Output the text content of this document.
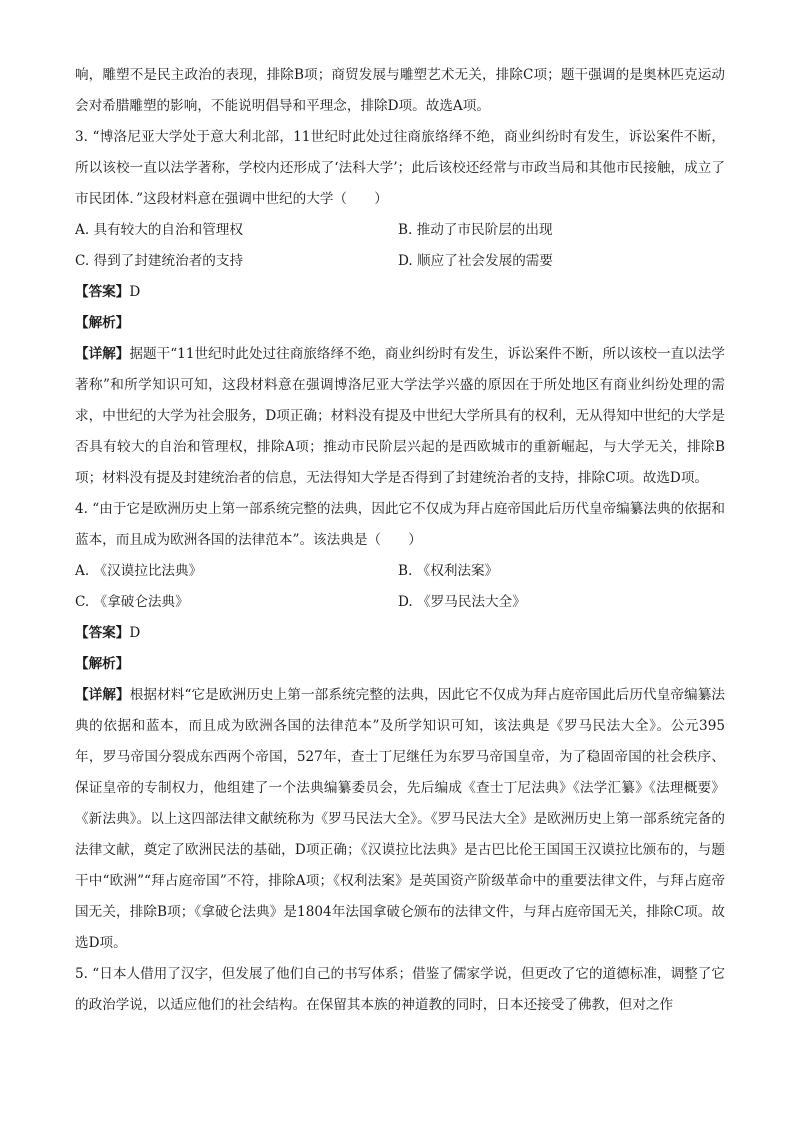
响，雕塑不是民主政治的表现，排除B项；商贸发展与雕塑艺术无关，排除C项；题干强调的是奥林匹克运动会对希腊雕塑的影响，不能说明倡导和平理念，排除D项。故选A项。

3. “博洛尼亚大学处于意大利北部，11世纪时此处过往商旅络绎不绝，商业纠纷时有发生，诉讼案件不断，所以该校一直以法学著称，学校内还形成了‘法科大学’；此后该校还经常与市政当局和其他市民接触，成立了市民团体．”这段材料意在强调中世纪的大学（　　）

A. 具有较大的自治和管理权	B. 推动了市民阶层的出现
C. 得到了封建统治者的支持	D. 顺应了社会发展的需要

【答案】D

【解析】

【详解】据题干“11世纪时此处过往商旅络绎不绝，商业纠纷时有发生，诉讼案件不断，所以该校一直以法学著称”和所学知识可知，这段材料意在强调博洛尼亚大学法学兴盛的原因在于所处地区有商业纠纷处理的需求，中世纪的大学为社会服务，D项正确；材料没有提及中世纪大学所具有的权利，无从得知中世纪的大学是否具有较大的自治和管理权，排除A项；推动市民阶层兴起的是西欧城市的重新崛起，与大学无关，排除B项；材料没有提及封建统治者的信息，无法得知大学是否得到了封建统治者的支持，排除C项。故选D项。

4. “由于它是欧洲历史上第一部系统完整的法典，因此它不仅成为拜占庭帝国此后历代皇帝编纂法典的依据和蓝本，而且成为欧洲各国的法律范本”。该法典是（　　）

A. 《汉谟拉比法典》	B. 《权利法案》
C. 《拿破仑法典》	D. 《罗马民法大全》

【答案】D

【解析】

【详解】根据材料“它是欧洲历史上第一部系统完整的法典，因此它不仅成为拜占庭帝国此后历代皇帝编纂法典的依据和蓝本，而且成为欧洲各国的法律范本”及所学知识可知，该法典是《罗马民法大全》。公元395年，罗马帝国分裂成东西两个帝国，527年，查士丁尼继任为东罗马帝国皇帝，为了稳固帝国的社会秩序、保证皇帝的专制权力，他组建了一个法典编纂委员会，先后编成《查士丁尼法典》《法学汇纂》《法理概要》《新法典》。以上这四部法律文献统称为《罗马民法大全》。《罗马民法大全》是欧洲历史上第一部系统完备的法律文献，奠定了欧洲民法的基础，D项正确；《汉谟拉比法典》是古巴比伦王国国王汉谟拉比颁布的，与题干中“欧洲”“拜占庭帝国”不符，排除A项；《权利法案》是英国资产阶级革命中的重要法律文件，与拜占庭帝国无关，排除B项；《拿破仑法典》是1804年法国拿破仑颁布的法律文件，与拜占庭帝国无关，排除C项。故选D项。

5. “日本人借用了汉字，但发展了他们自己的书写体系；借鉴了儒家学说，但更改了它的道德标准，调整了它的政治学说，以适应他们的社会结构。在保留其本族的神道教的同时，日本还接受了佛教，但对之作
